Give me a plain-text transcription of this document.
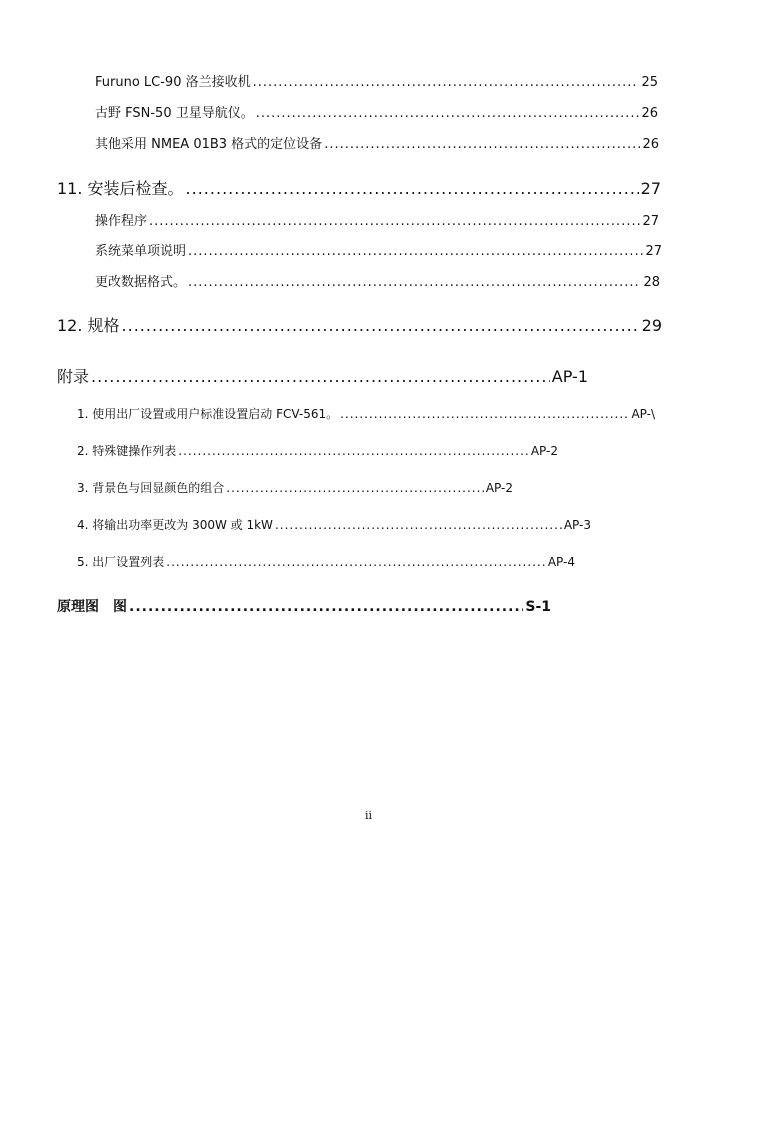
Furuno LC-90 洛兰接收机 .....	25
古野 FSN-50 卫星导航仪。 .....	26
其他采用 NMEA 01B3 格式的定位设备 .....	26
11. 安装后检查。 .....	27
操作程序 .....	27
系统菜单项说明 .....	27
更改数据格式。 .....	28
12. 规格 .....	29
附录 .....	AP-1
1. 使用出厂设置或用户标准设置启动 FCV-561。 .....	AP-\
2. 特殊键操作列表 .....	AP-2
3. 背景色与回显颜色的组合 .....	AP-2
4. 将输出功率更改为 300W 或 1kW .....	AP-3
5. 出厂设置列表 .....	AP-4
原理图　图 .....	S-1
ii
